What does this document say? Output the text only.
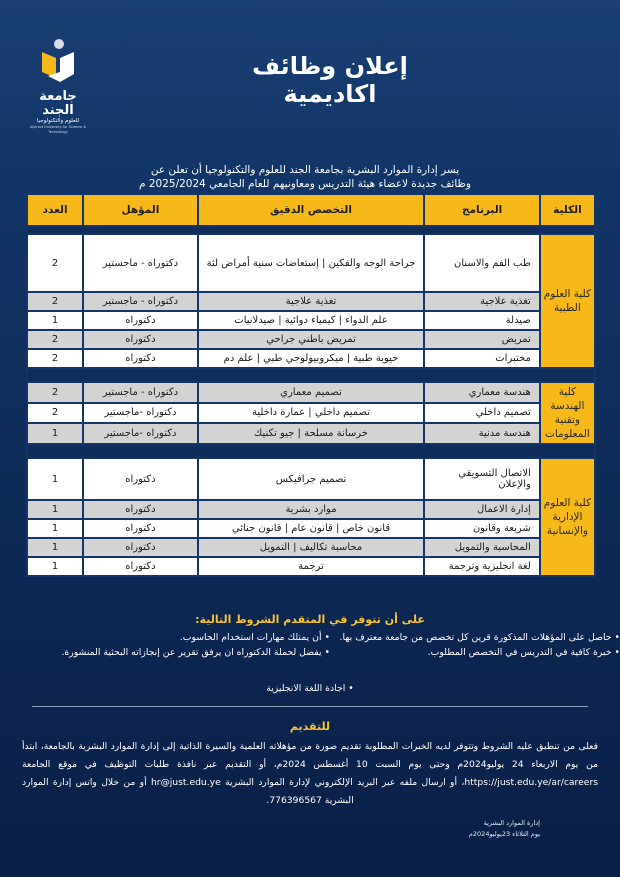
جامعة الجند
للعلوم والتكنولوجيا
Aljanad University for Science & Technology
إعلان وظائف
اكاديمية
يسر إدارة الموارد البشرية بجامعة الجند للعلوم والتكنولوجيا أن تعلن عن
وظائف جديدة لاعضاء هيئة التدريس ومعاونيهم للعام الجامعي 2025/2024 م
الكلية	البرنامج	التخصص الدقيق	المؤهل	العدد

كلية العلوم الطبية	طب الفم والاسنان	جراحة الوجه والفكين | إستعاضات سنية أمراض لثة	دكتوراه - ماجستير	2
	تغذية علاجية	تغذية علاجية	دكتوراه - ماجستير	2
	صيدلة	علم الدواء | كيمياء دوائية | صيدلانيات	دكتوراه	1
	تمريض	تمريض باطني جراحي	دكتوراه	2
	مختبرات	حيوية طبية | ميكروبيولوجي طبي | علم دم	دكتوراه	2

كلية الهندسة وتقنية المعلومات	هندسة معماري	تصميم معماري	دكتوراه - ماجستير	2
	تصميم داخلي	تصميم داخلي | عمارة داخلية	دكتوراه -ماجستير	2
	هندسة مدنية	خرسانة مسلحة | جيو تكنيك	دكتوراه -ماجستير	1

كلية العلوم الإدارية والإنسانية	الاتصال التسويقي والإعلان	تصميم جرافيكس	دكتوراه	1
	إدارة الاعمال	موارد بشرية	دكتوراه	1
	شريعة وقانون	قانون خاص | قانون عام | قانون جنائي	دكتوراه	1
	المحاسبة والتمويل	محاسبة تكاليف | التمويل	دكتوراه	1
	لغة انجليزية وترجمة	ترجمة	دكتوراه	1
على أن تتوفر في المتقدم الشروط التالية:
• حاصل على المؤهلات المذكورة قرين كل تخصص من جامعة معترف بها.
• أن يمتلك مهارات استخدام الحاسوب.
• خبرة كافية في التدريس في التخصص المطلوب.
• يفضل لحملة الدكتوراه ان يرفق تقرير عن إنجازاته البحثية المنشورة.
• اجادة اللغة الانجليزية
للتقديم
فعلى من تنطبق عليه الشروط وتتوفر لديه الخبرات المطلوبة تقديم صورة من مؤهلاته العلمية والسيرة الذاتية إلى إدارة الموارد البشرية بالجامعة، ابتدأ من يوم الاربعاء 24 يوليو2024م وحتى يوم السبت 10 أغسطس 2024م، أو التقديم عبر نافذة طلبات التوظيف في موقع الجامعة https://just.edu.ye/ar/careers، أو ارسال ملفه عبر البريد الإلكتروني لإدارة الموارد البشرية hr@just.edu.ye أو من خلال واتس إدارة الموارد البشرية 776396567.
إدارة الموارد البشرية
يوم الثلاثاء 23يوليو2024م
